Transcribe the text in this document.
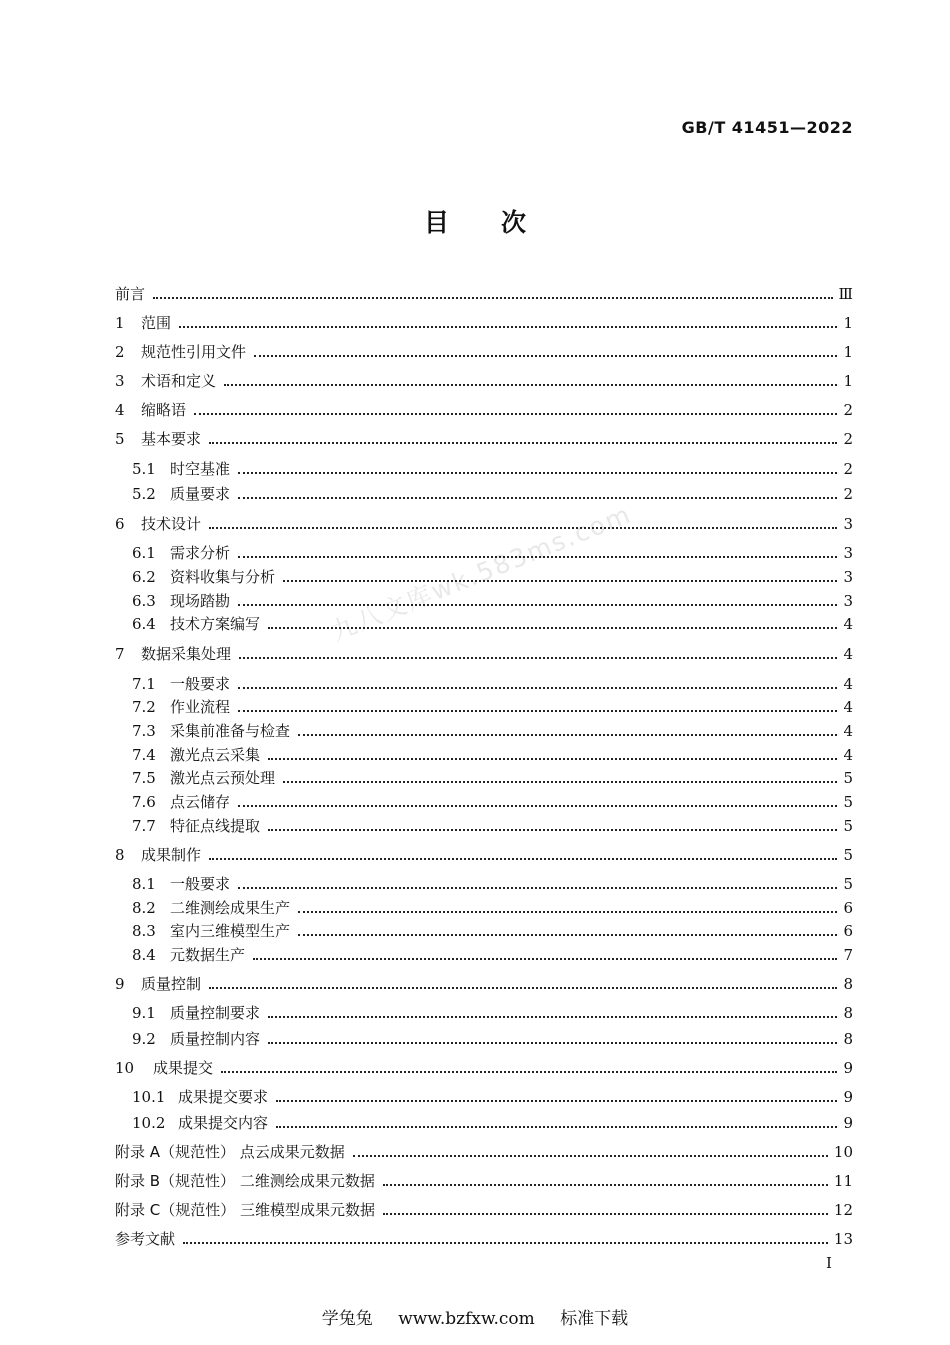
GB/T 41451—2022
目次
九八文库wk.583ms.com
前言	Ⅲ
1	范围	1
2	规范性引用文件	1
3	术语和定义	1
4	缩略语	2
5	基本要求	2
5.1 时空基准	2
5.2 质量要求	2
6	技术设计	3
6.1 需求分析	3
6.2 资料收集与分析	3
6.3 现场踏勘	3
6.4 技术方案编写	4
7	数据采集处理	4
7.1 一般要求	4
7.2 作业流程	4
7.3 采集前准备与检查	4
7.4 激光点云采集	4
7.5 激光点云预处理	5
7.6 点云储存	5
7.7 特征点线提取	5
8	成果制作	5
8.1 一般要求	5
8.2 二维测绘成果生产	6
8.3 室内三维模型生产	6
8.4 元数据生产	7
9	质量控制	8
9.1 质量控制要求	8
9.2 质量控制内容	8
10	成果提交	9
10.1 成果提交要求	9
10.2 成果提交内容	9
附录 A（规范性） 点云成果元数据	10
附录 B（规范性） 二维测绘成果元数据	11
附录 C（规范性） 三维模型成果元数据	12
参考文献	13
I
学兔兔 www.bzfxw.com 标准下载
